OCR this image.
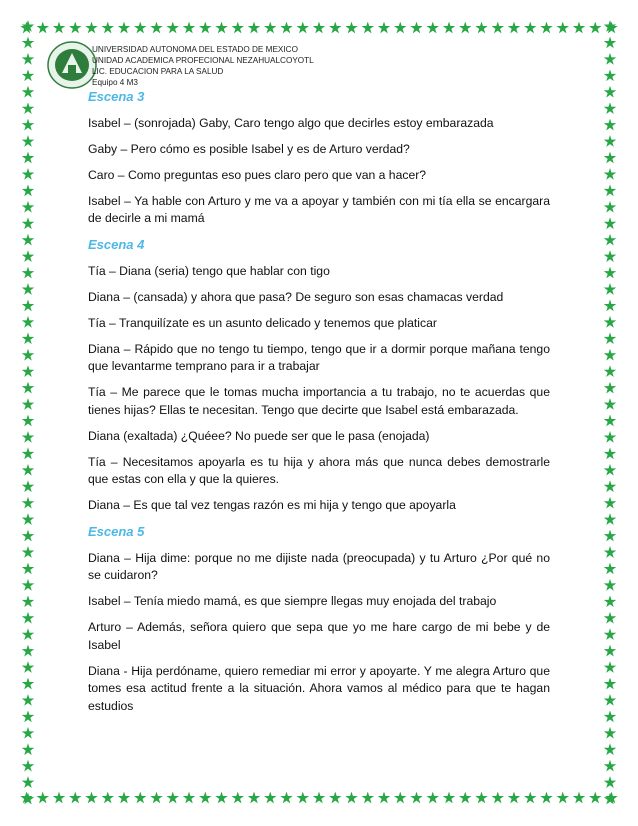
UNIVERSIDAD AUTONOMA DEL ESTADO DE MEXICO
UNIDAD ACADEMICA PROFECIONAL NEZAHUALCOYOTL
LIC. EDUCACION PARA LA SALUD
Equipo 4 M3
Escena 3

Isabel – (sonrojada) Gaby, Caro tengo algo que decirles estoy embarazada

Gaby – Pero cómo es posible Isabel y es de Arturo verdad?

Caro – Como preguntas eso pues claro pero que van a hacer?

Isabel – Ya hable con Arturo y me va a apoyar y también con mi tía ella se encargara de decirle a mi mamá

Escena 4

Tía – Diana (seria) tengo que hablar con tigo

Diana – (cansada) y ahora que pasa? De seguro son esas chamacas verdad

Tía – Tranquilízate es un asunto delicado y tenemos que platicar

Diana – Rápido que no tengo tu tiempo, tengo que ir a dormir porque mañana tengo que levantarme temprano para ir a trabajar

Tía – Me parece que le tomas mucha importancia a tu trabajo, no te acuerdas que tienes hijas? Ellas te necesitan. Tengo que decirte que Isabel está embarazada.

Diana (exaltada) ¿Quéee? No puede ser que le pasa (enojada)

Tía – Necesitamos apoyarla es tu hija y ahora más que nunca debes demostrarle que estas con ella y que la quieres.

Diana – Es que tal vez tengas razón es mi hija y tengo que apoyarla

Escena 5

Diana – Hija dime: porque no me dijiste nada (preocupada) y tu Arturo ¿Por qué no se cuidaron?

Isabel – Tenía miedo mamá, es que siempre llegas muy enojada del trabajo

Arturo – Además, señora quiero que sepa que yo me hare cargo de mi bebe y de Isabel

Diana - Hija perdóname, quiero remediar mi error y apoyarte. Y me alegra Arturo que tomes esa actitud frente a la situación. Ahora vamos al médico para que te hagan estudios
